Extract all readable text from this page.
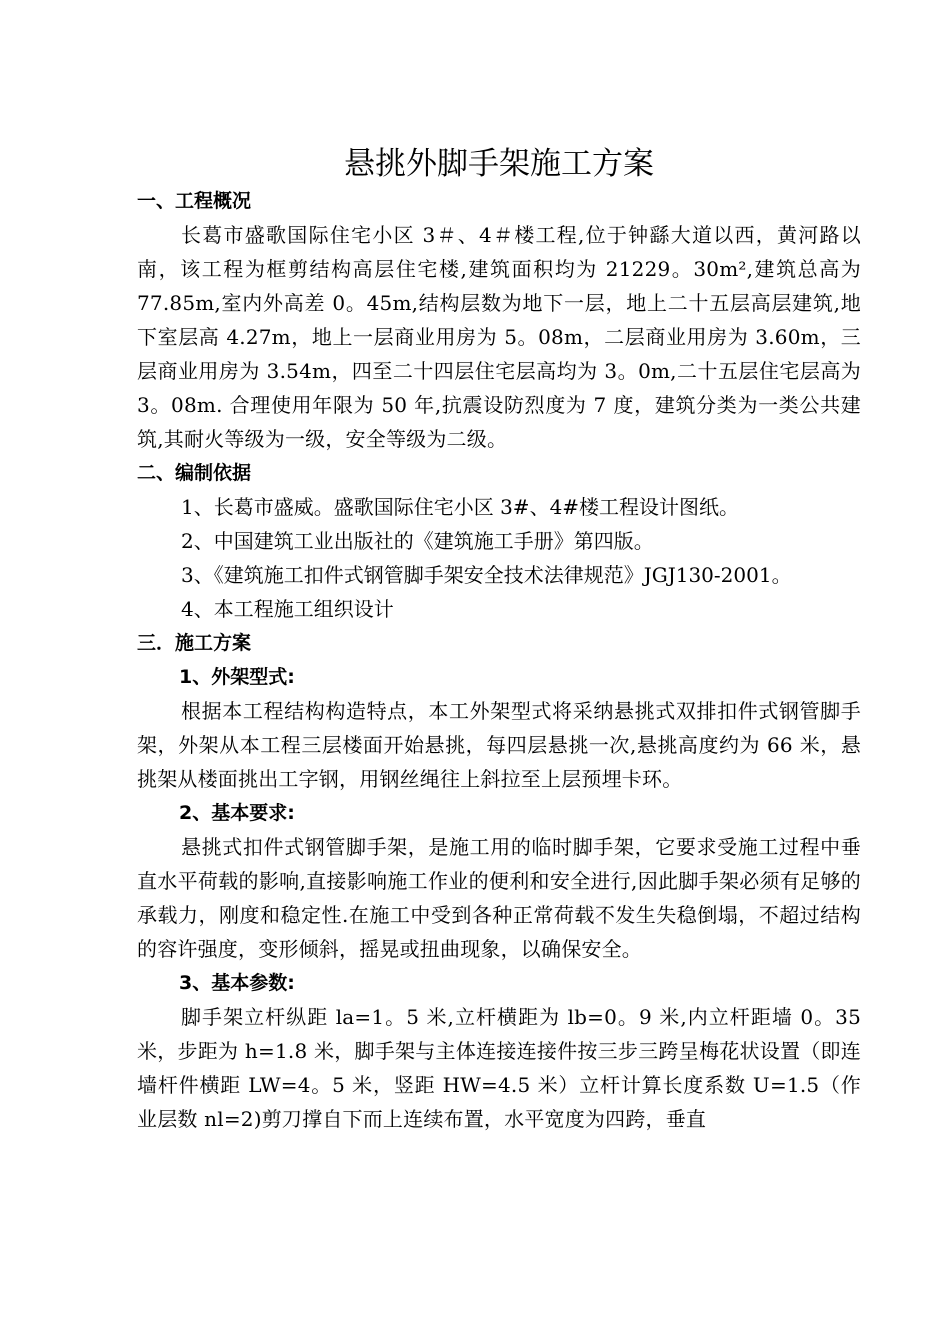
悬挑外脚手架施工方案

一、工程概况

长葛市盛歌国际住宅小区 3＃、4＃楼工程,位于钟繇大道以西，黄河路以南，该工程为框剪结构高层住宅楼,建筑面积均为 21229。30m²,建筑总高为 77.85m,室内外高差 0。45m,结构层数为地下一层，地上二十五层高层建筑,地下室层高 4.27m，地上一层商业用房为 5。08m，二层商业用房为 3.60m，三层商业用房为 3.54m，四至二十四层住宅层高均为 3。0m,二十五层住宅层高为 3。08m. 合理使用年限为 50 年,抗震设防烈度为 7 度，建筑分类为一类公共建筑,其耐火等级为一级，安全等级为二级。

二、编制依据

1、长葛市盛威。盛歌国际住宅小区 3#、4#楼工程设计图纸。

2、中国建筑工业出版社的《建筑施工手册》第四版。

3、《建筑施工扣件式钢管脚手架安全技术法律规范》JGJ130-2001。

4、本工程施工组织设计

三．施工方案

1、外架型式:

根据本工程结构构造特点，本工外架型式将采纳悬挑式双排扣件式钢管脚手架，外架从本工程三层楼面开始悬挑，每四层悬挑一次,悬挑高度约为 66 米，悬挑架从楼面挑出工字钢，用钢丝绳往上斜拉至上层预埋卡环。

2、基本要求:

悬挑式扣件式钢管脚手架，是施工用的临时脚手架，它要求受施工过程中垂直水平荷载的影响,直接影响施工作业的便利和安全进行,因此脚手架必须有足够的承载力，刚度和稳定性.在施工中受到各种正常荷载不发生失稳倒塌，不超过结构的容许强度，变形倾斜，摇晃或扭曲现象，以确保安全。

3、基本参数:

脚手架立杆纵距 la=1。5 米,立杆横距为 lb=0。9 米,内立杆距墙 0。35 米，步距为 h=1.8 米，脚手架与主体连接连接件按三步三跨呈梅花状设置（即连墙杆件横距 LW=4。5 米，竖距 HW=4.5 米）立杆计算长度系数 U=1.5（作业层数 nl=2)剪刀撑自下而上连续布置，水平宽度为四跨，垂直
